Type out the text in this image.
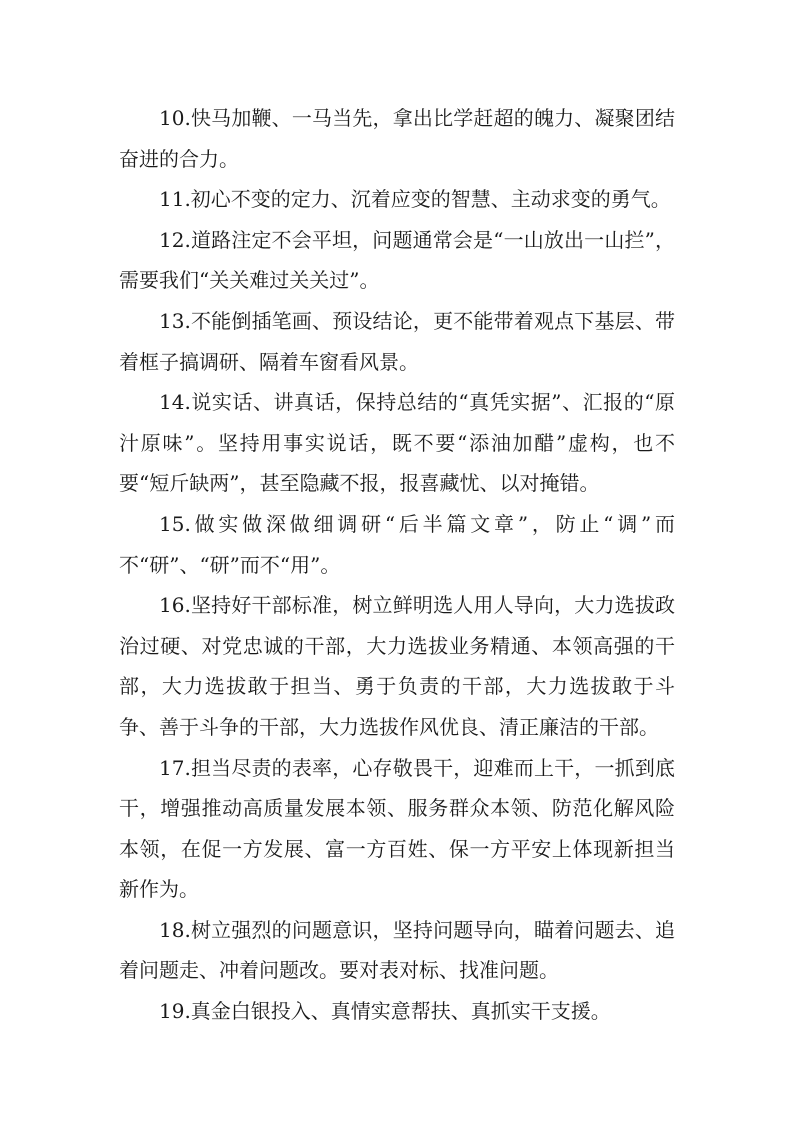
10.快马加鞭、一马当先，拿出比学赶超的魄力、凝聚团结奋进的合力。

11.初心不变的定力、沉着应变的智慧、主动求变的勇气。

12.道路注定不会平坦，问题通常会是“一山放出一山拦”，需要我们“关关难过关关过”。

13.不能倒插笔画、预设结论，更不能带着观点下基层、带着框子搞调研、隔着车窗看风景。

14.说实话、讲真话，保持总结的“真凭实据”、汇报的“原汁原味”。坚持用事实说话，既不要“添油加醋”虚构，也不要“短斤缺两”，甚至隐藏不报，报喜藏忧、以对掩错。

15.做实做深做细调研“后半篇文章”，防止“调”而不“研”、“研”而不“用”。

16.坚持好干部标准，树立鲜明选人用人导向，大力选拔政治过硬、对党忠诚的干部，大力选拔业务精通、本领高强的干部，大力选拔敢于担当、勇于负责的干部，大力选拔敢于斗争、善于斗争的干部，大力选拔作风优良、清正廉洁的干部。

17.担当尽责的表率，心存敬畏干，迎难而上干，一抓到底干，增强推动高质量发展本领、服务群众本领、防范化解风险本领，在促一方发展、富一方百姓、保一方平安上体现新担当新作为。

18.树立强烈的问题意识，坚持问题导向，瞄着问题去、追着问题走、冲着问题改。要对表对标、找准问题。

19.真金白银投入、真情实意帮扶、真抓实干支援。
